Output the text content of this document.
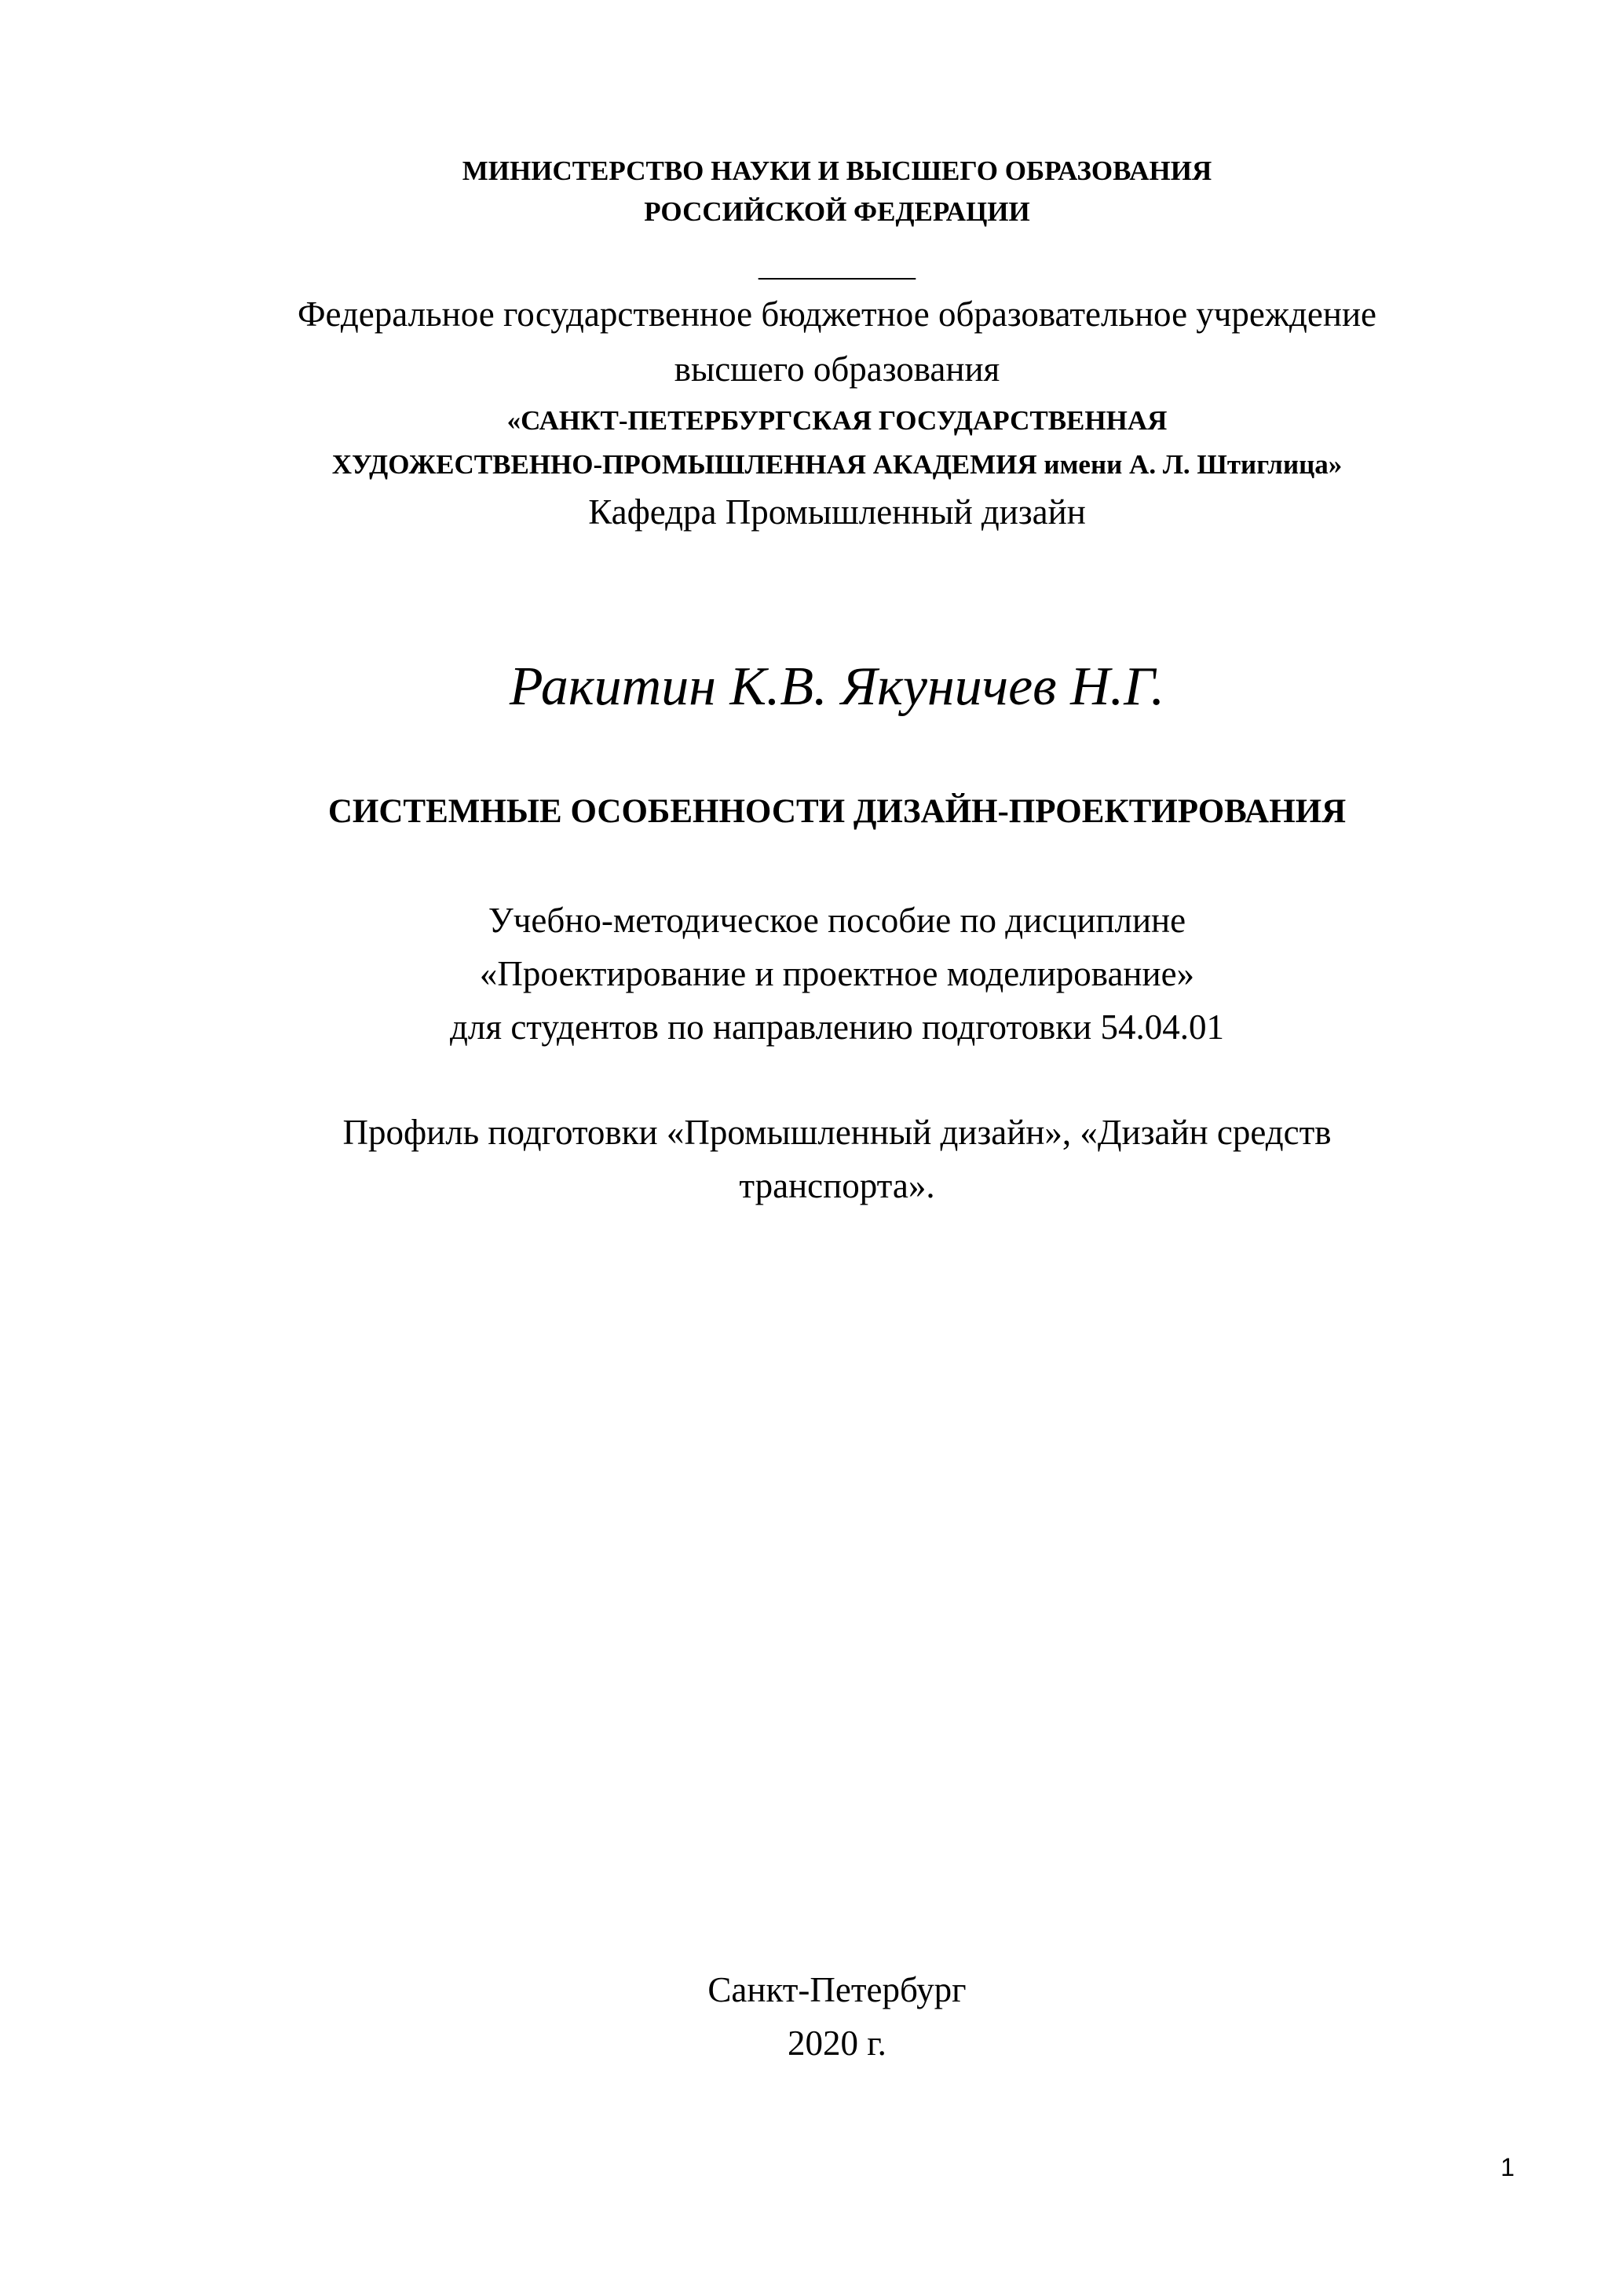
МИНИСТЕРСТВО НАУКИ И ВЫСШЕГО ОБРАЗОВАНИЯ
РОССИЙСКОЙ ФЕДЕРАЦИИ
__________
Федеральное государственное бюджетное образовательное учреждение
высшего образования
«САНКТ-ПЕТЕРБУРГСКАЯ ГОСУДАРСТВЕННАЯ
ХУДОЖЕСТВЕННО-ПРОМЫШЛЕННАЯ АКАДЕМИЯ имени А. Л. Штиглица»
Кафедра Промышленный дизайн
Ракитин К.В. Якуничев Н.Г.
СИСТЕМНЫЕ ОСОБЕННОСТИ ДИЗАЙН-ПРОЕКТИРОВАНИЯ
Учебно-методическое пособие по дисциплине
«Проектирование и проектное моделирование»
для студентов по направлению подготовки 54.04.01
Профиль подготовки «Промышленный дизайн», «Дизайн средств
транспорта».
Санкт-Петербург
2020 г.
1
